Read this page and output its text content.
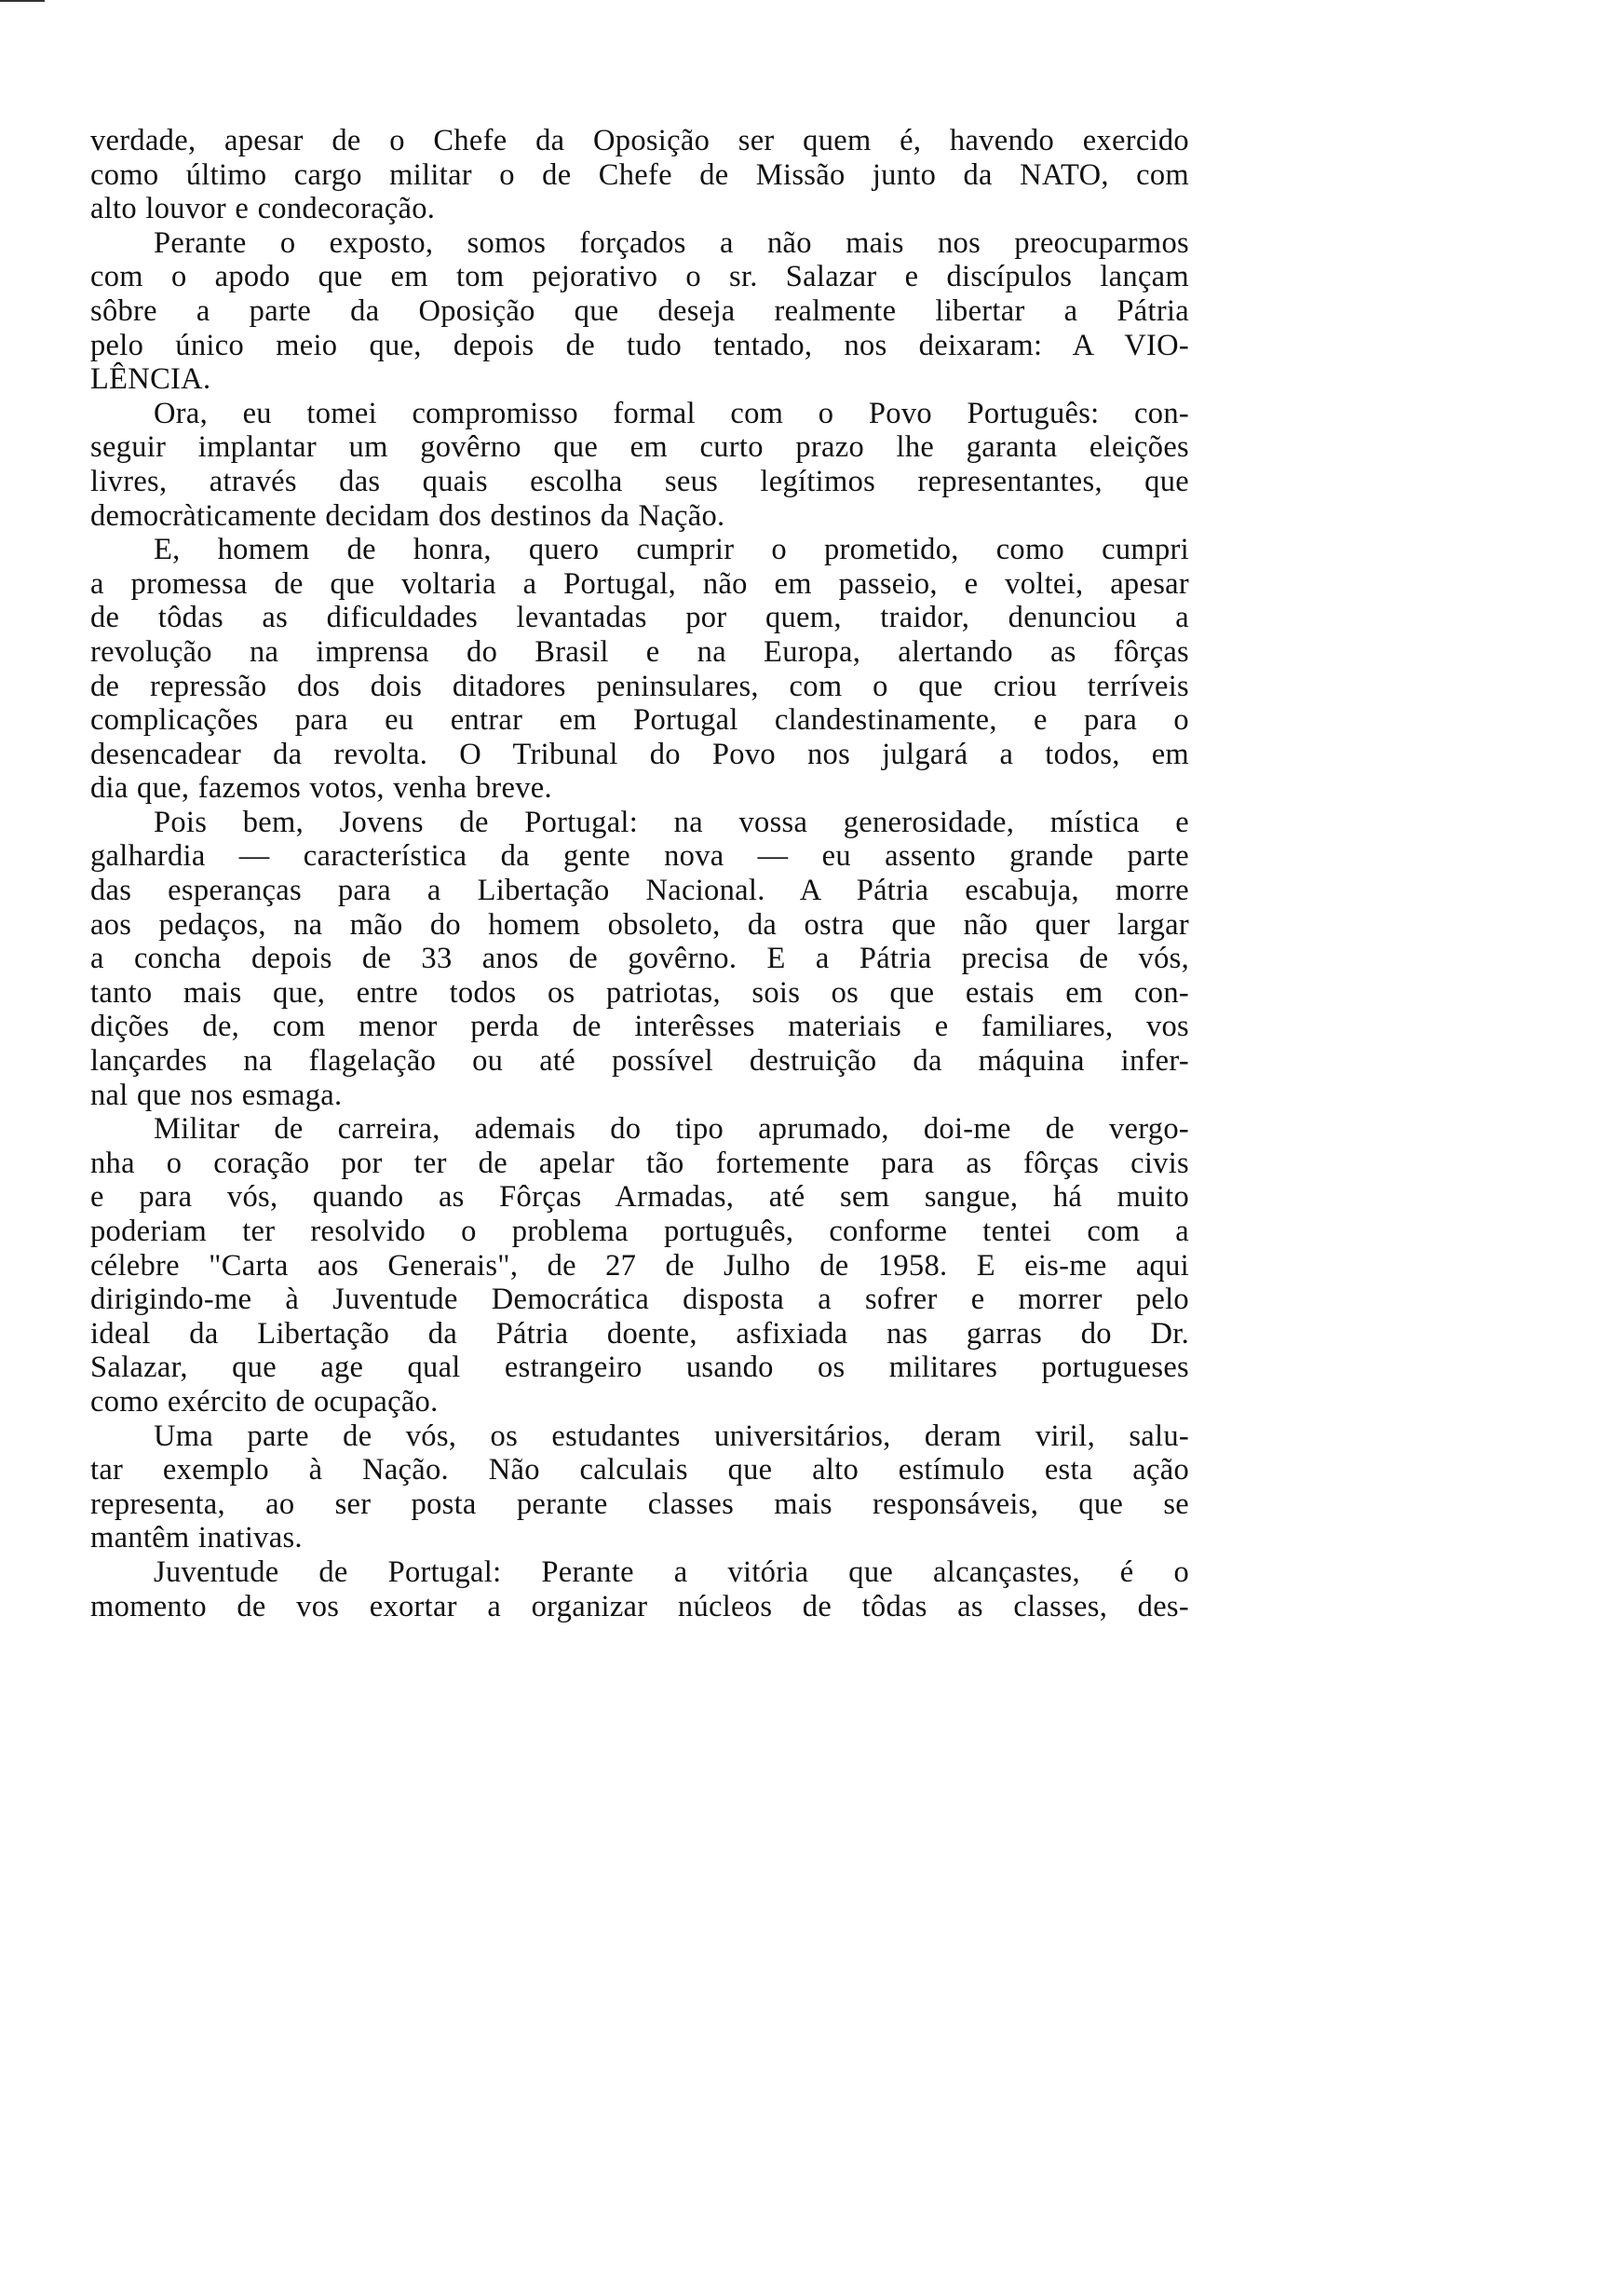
verdade, apesar de o Chefe da Oposição ser quem é, havendo exercido
como último cargo militar o de Chefe de Missão junto da NATO, com
alto louvor e condecoração.
Perante o exposto, somos forçados a não mais nos preocuparmos
com o apodo que em tom pejorativo o sr. Salazar e discípulos lançam
sôbre a parte da Oposição que deseja realmente libertar a Pátria
pelo único meio que, depois de tudo tentado, nos deixaram: A VIO-
LÊNCIA.
Ora, eu tomei compromisso formal com o Povo Português: con-
seguir implantar um govêrno que em curto prazo lhe garanta eleições
livres, através das quais escolha seus legítimos representantes, que
democràticamente decidam dos destinos da Nação.
E, homem de honra, quero cumprir o prometido, como cumpri
a promessa de que voltaria a Portugal, não em passeio, e voltei, apesar
de tôdas as dificuldades levantadas por quem, traidor, denunciou a
revolução na imprensa do Brasil e na Europa, alertando as fôrças
de repressão dos dois ditadores peninsulares, com o que criou terríveis
complicações para eu entrar em Portugal clandestinamente, e para o
desencadear da revolta. O Tribunal do Povo nos julgará a todos, em
dia que, fazemos votos, venha breve.
Pois bem, Jovens de Portugal: na vossa generosidade, mística e
galhardia — característica da gente nova — eu assento grande parte
das esperanças para a Libertação Nacional. A Pátria escabuja, morre
aos pedaços, na mão do homem obsoleto, da ostra que não quer largar
a concha depois de 33 anos de govêrno. E a Pátria precisa de vós,
tanto mais que, entre todos os patriotas, sois os que estais em con-
dições de, com menor perda de interêsses materiais e familiares, vos
lançardes na flagelação ou até possível destruição da máquina infer-
nal que nos esmaga.
Militar de carreira, ademais do tipo aprumado, doi-me de vergo-
nha o coração por ter de apelar tão fortemente para as fôrças civis
e para vós, quando as Fôrças Armadas, até sem sangue, há muito
poderiam ter resolvido o problema português, conforme tentei com a
célebre "Carta aos Generais", de 27 de Julho de 1958. E eis-me aqui
dirigindo-me à Juventude Democrática disposta a sofrer e morrer pelo
ideal da Libertação da Pátria doente, asfixiada nas garras do Dr.
Salazar, que age qual estrangeiro usando os militares portugueses
como exército de ocupação.
Uma parte de vós, os estudantes universitários, deram viril, salu-
tar exemplo à Nação. Não calculais que alto estímulo esta ação
representa, ao ser posta perante classes mais responsáveis, que se
mantêm inativas.
Juventude de Portugal: Perante a vitória que alcançastes, é o
momento de vos exortar a organizar núcleos de tôdas as classes, des-
